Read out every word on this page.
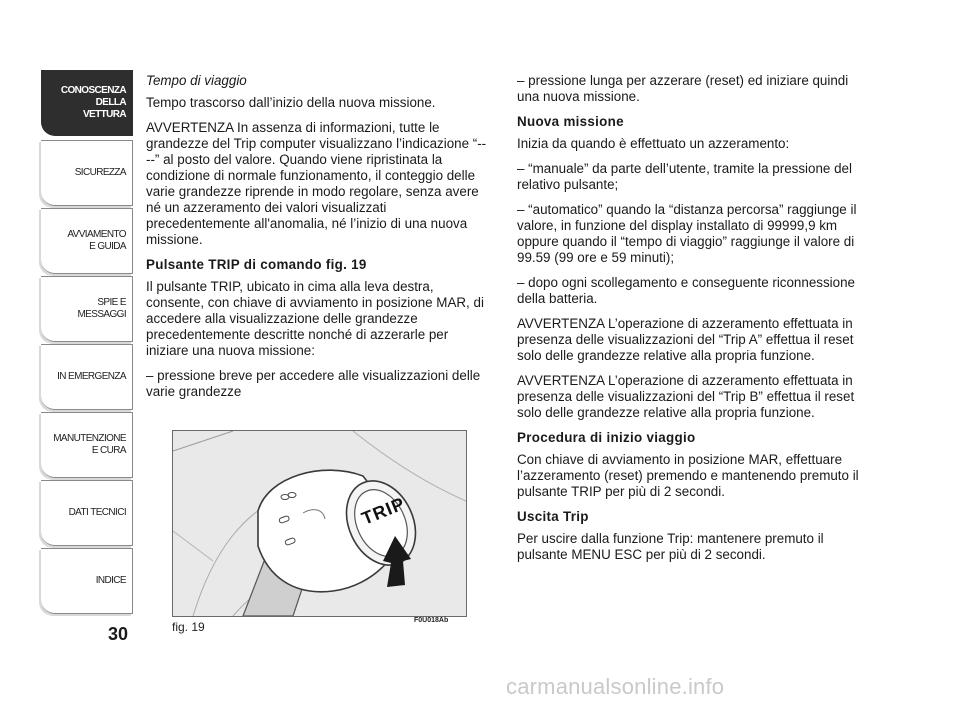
CONOSCENZA DELLA VETTURA
SICUREZZA
AVVIAMENTO E GUIDA
SPIE E MESSAGGI
IN EMERGENZA
MANUTENZIONE E CURA
DATI TECNICI
INDICE
30

Tempo di viaggio

Tempo trascorso dall’inizio della nuova missione.

AVVERTENZA In assenza di informazioni, tutte le grandezze del Trip computer visualizzano l’indicazione “----” al posto del valore. Quando viene ripristinata la condizione di normale funzionamento, il conteggio delle varie grandezze riprende in modo regolare, senza avere né un azzeramento dei valori visualizzati precedentemente all'anomalia, né l’inizio di una nuova missione.

Pulsante TRIP di comando fig. 19

Il pulsante TRIP, ubicato in cima alla leva destra, consente, con chiave di avviamento in posizione MAR, di accedere alla visualizzazione delle grandezze precedentemente descritte nonché di azzerarle per iniziare una nuova missione:

– pressione breve per accedere alle visualizzazioni delle varie grandezze

– pressione lunga per azzerare (reset) ed iniziare quindi una nuova missione.

Nuova missione

Inizia da quando è effettuato un azzeramento:

– “manuale” da parte dell’utente, tramite la pressione del relativo pulsante;

– “automatico” quando la “distanza percorsa” raggiunge il valore, in funzione del display installato di 99999,9 km oppure quando il “tempo di viaggio” raggiunge il valore di 99.59 (99 ore e 59 minuti);

– dopo ogni scollegamento e conseguente riconnessione della batteria.

AVVERTENZA L’operazione di azzeramento effettuata in presenza delle visualizzazioni del “Trip A” effettua il reset solo delle grandezze relative alla propria funzione.

AVVERTENZA L’operazione di azzeramento effettuata in presenza delle visualizzazioni del “Trip B” effettua il reset solo delle grandezze relative alla propria funzione.

Procedura di inizio viaggio

Con chiave di avviamento in posizione MAR, effettuare l’azzeramento (reset) premendo e mantenendo premuto il pulsante TRIP per più di 2 secondi.

Uscita Trip

Per uscire dalla funzione Trip: mantenere premuto il pulsante MENU ESC per più di 2 secondi.

TRIP
F0U018Ab
fig. 19
carmanualsonline.info
